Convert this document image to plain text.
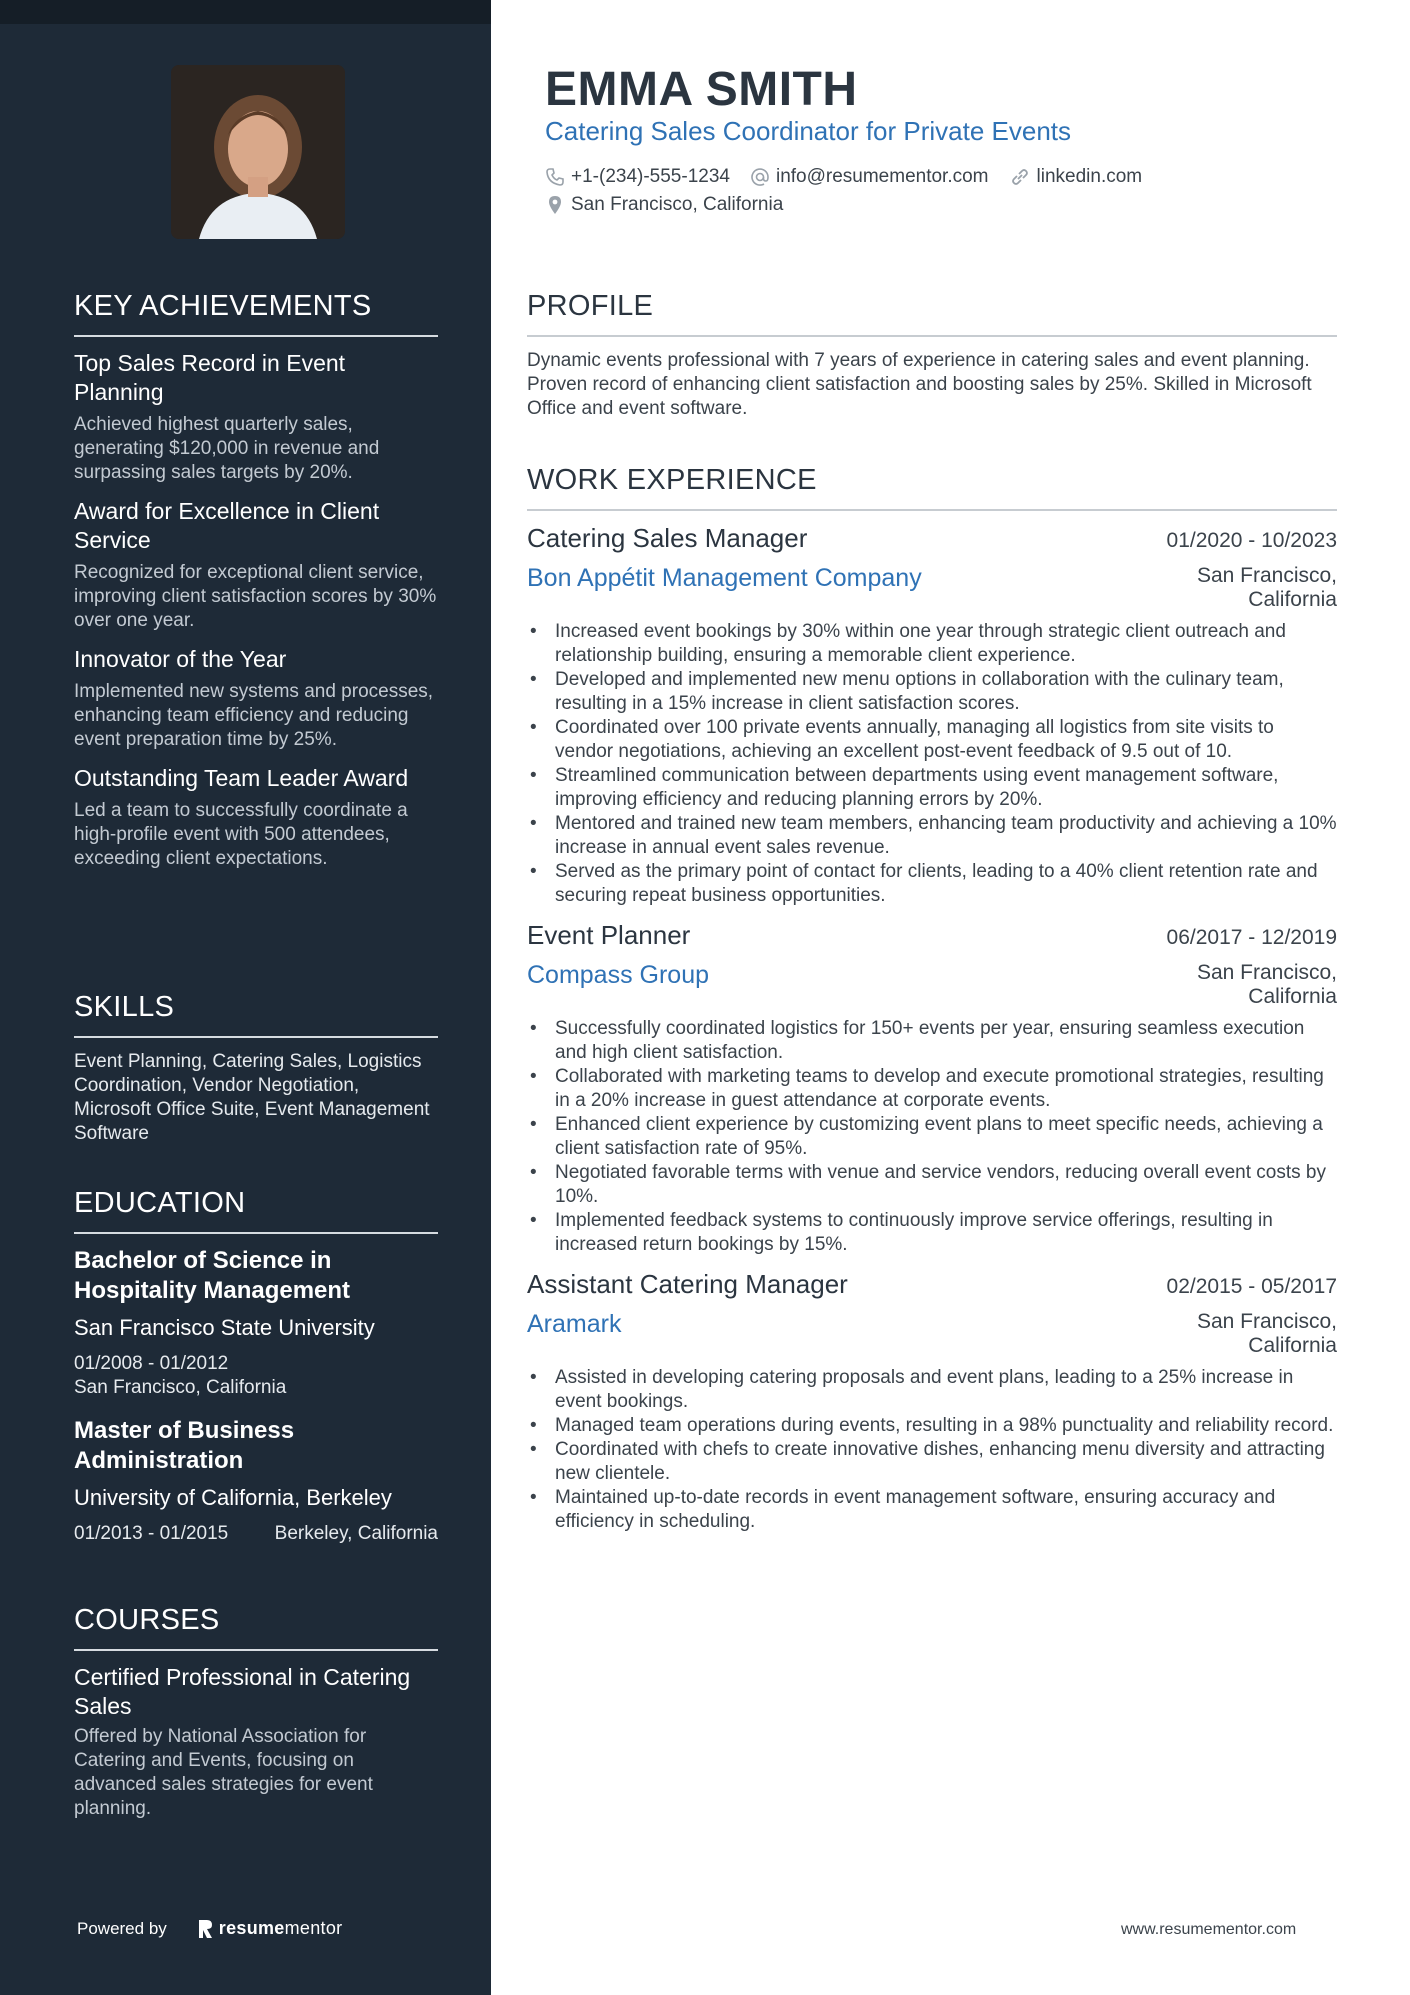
KEY ACHIEVEMENTS
Top Sales Record in Event Planning
Achieved highest quarterly sales, generating $120,000 in revenue and surpassing sales targets by 20%.
Award for Excellence in Client Service
Recognized for exceptional client service, improving client satisfaction scores by 30% over one year.
Innovator of the Year
Implemented new systems and processes, enhancing team efficiency and reducing event preparation time by 25%.
Outstanding Team Leader Award
Led a team to successfully coordinate a high-profile event with 500 attendees, exceeding client expectations.
SKILLS
Event Planning, Catering Sales, Logistics Coordination, Vendor Negotiation, Microsoft Office Suite, Event Management Software
EDUCATION
Bachelor of Science in Hospitality Management
San Francisco State University
01/2008 - 01/2012
San Francisco, California
Master of Business Administration
University of California, Berkeley
01/2013 - 01/2015 Berkeley, California
COURSES
Certified Professional in Catering Sales
Offered by National Association for Catering and Events, focusing on advanced sales strategies for event planning.
Powered by	resume mentor
EMMA SMITH
Catering Sales Coordinator for Private Events
+1-(234)-555-1234 info@resumementor.com	linkedin.com
San Francisco, California
PROFILE
Dynamic events professional with 7 years of experience in catering sales and event planning. Proven record of enhancing client satisfaction and boosting sales by 25%. Skilled in Microsoft Office and event software.
WORK EXPERIENCE
Catering Sales Manager	01/2020 - 10/2023
Bon Appétit Management Company	San Francisco, California
• Increased event bookings by 30% within one year through strategic client outreach and relationship building, ensuring a memorable client experience.
• Developed and implemented new menu options in collaboration with the culinary team, resulting in a 15% increase in client satisfaction scores.
• Coordinated over 100 private events annually, managing all logistics from site visits to vendor negotiations, achieving an excellent post-event feedback of 9.5 out of 10.
• Streamlined communication between departments using event management software, improving efficiency and reducing planning errors by 20%.
• Mentored and trained new team members, enhancing team productivity and achieving a 10% increase in annual event sales revenue.
• Served as the primary point of contact for clients, leading to a 40% client retention rate and securing repeat business opportunities.
Event Planner	06/2017 - 12/2019
Compass Group	San Francisco, California
• Successfully coordinated logistics for 150+ events per year, ensuring seamless execution and high client satisfaction.
• Collaborated with marketing teams to develop and execute promotional strategies, resulting in a 20% increase in guest attendance at corporate events.
• Enhanced client experience by customizing event plans to meet specific needs, achieving a client satisfaction rate of 95%.
• Negotiated favorable terms with venue and service vendors, reducing overall event costs by 10%.
• Implemented feedback systems to continuously improve service offerings, resulting in increased return bookings by 15%.
Assistant Catering Manager	02/2015 - 05/2017
Aramark	San Francisco, California
• Assisted in developing catering proposals and event plans, leading to a 25% increase in event bookings.
• Managed team operations during events, resulting in a 98% punctuality and reliability record.
• Coordinated with chefs to create innovative dishes, enhancing menu diversity and attracting new clientele.
• Maintained up-to-date records in event management software, ensuring accuracy and efficiency in scheduling.
www.resumementor.com
